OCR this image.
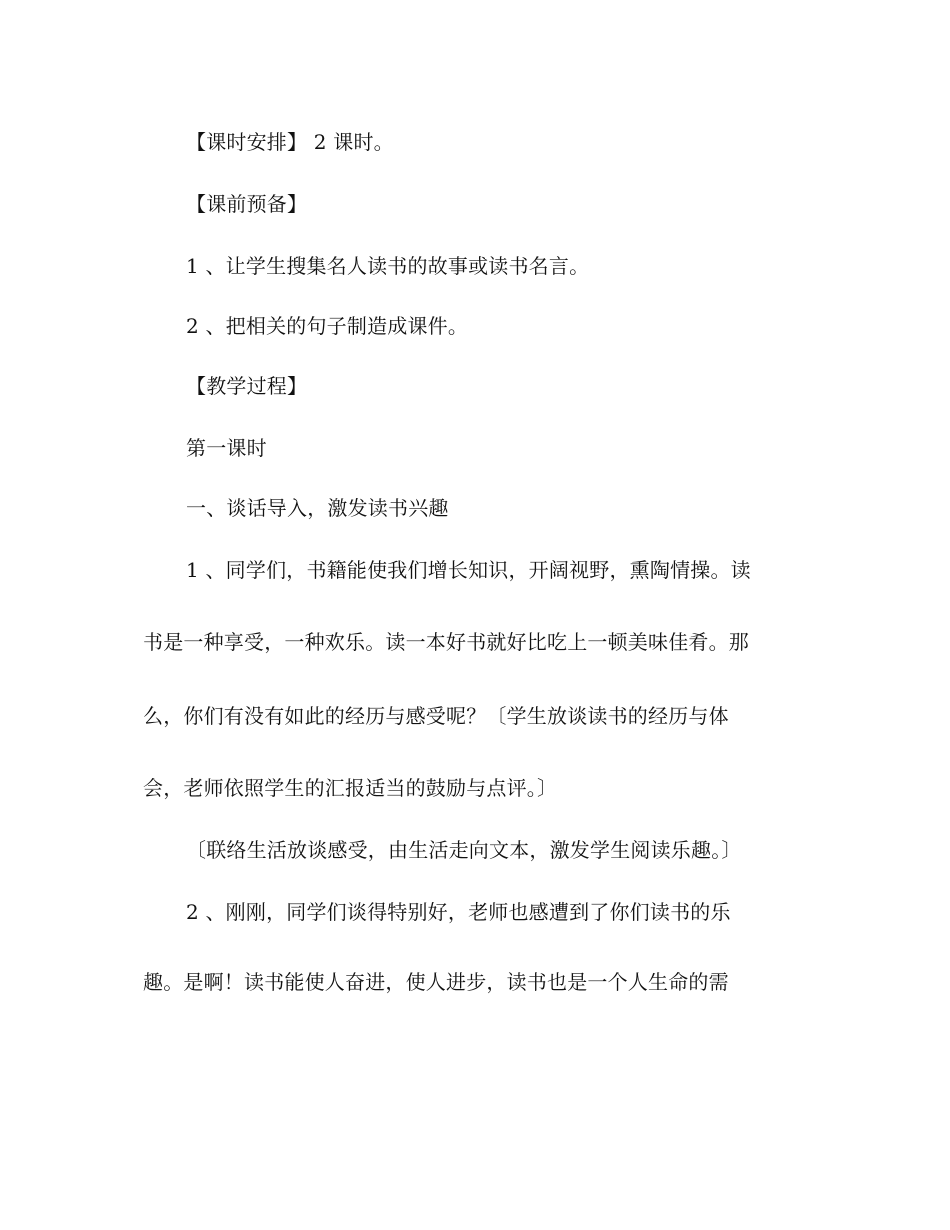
【课时安排】 2 课时。
【课前预备】
1 、让学生搜集名人读书的故事或读书名言。
2 、把相关的句子制造成课件。
【教学过程】
第一课时
一、谈话导入，激发读书兴趣
1 、同学们，书籍能使我们增长知识，开阔视野，熏陶情操。读
书是一种享受，一种欢乐。读一本好书就好比吃上一顿美味佳肴。那
么，你们有没有如此的经历与感受呢？〔学生放谈读书的经历与体
会，老师依照学生的汇报适当的鼓励与点评。〕
〔联络生活放谈感受，由生活走向文本，激发学生阅读乐趣。〕
2 、刚刚，同学们谈得特别好，老师也感遭到了你们读书的乐
趣。是啊！读书能使人奋进，使人进步，读书也是一个人生命的需
